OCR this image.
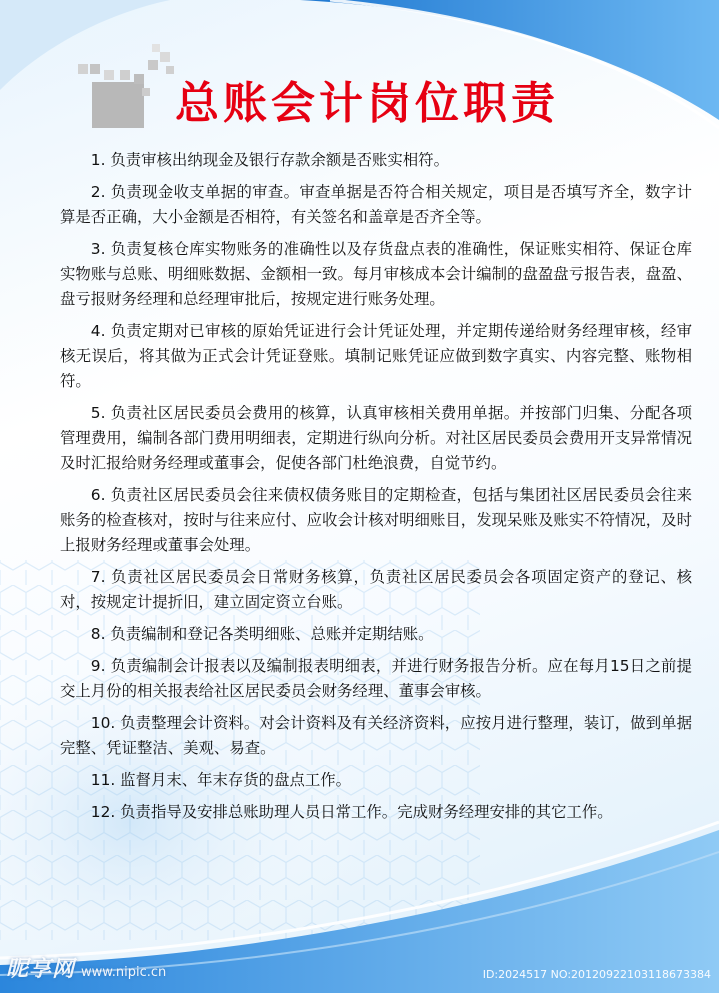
总账会计岗位职责

1. 负责审核出纳现金及银行存款余额是否账实相符。

2. 负责现金收支单据的审查。审查单据是否符合相关规定，项目是否填写齐全，数字计算是否正确，大小金额是否相符，有关签名和盖章是否齐全等。

3. 负责复核仓库实物账务的准确性以及存货盘点表的准确性，保证账实相符、保证仓库实物账与总账、明细账数据、金额相一致。每月审核成本会计编制的盘盈盘亏报告表，盘盈、盘亏报财务经理和总经理审批后，按规定进行账务处理。

4. 负责定期对已审核的原始凭证进行会计凭证处理，并定期传递给财务经理审核，经审核无误后，将其做为正式会计凭证登账。填制记账凭证应做到数字真实、内容完整、账物相符。

5. 负责社区居民委员会费用的核算，认真审核相关费用单据。并按部门归集、分配各项管理费用，编制各部门费用明细表，定期进行纵向分析。对社区居民委员会费用开支异常情况及时汇报给财务经理或董事会，促使各部门杜绝浪费，自觉节约。

6. 负责社区居民委员会往来债权债务账目的定期检查，包括与集团社区居民委员会往来账务的检查核对，按时与往来应付、应收会计核对明细账目，发现呆账及账实不符情况，及时上报财务经理或董事会处理。

7. 负责社区居民委员会日常财务核算，负责社区居民委员会各项固定资产的登记、核对，按规定计提折旧，建立固定资立台账。

8. 负责编制和登记各类明细账、总账并定期结账。

9. 负责编制会计报表以及编制报表明细表，并进行财务报告分析。应在每月15日之前提交上月份的相关报表给社区居民委员会财务经理、董事会审核。

10. 负责整理会计资料。对会计资料及有关经济资料，应按月进行整理，装订，做到单据完整、凭证整洁、美观、易查。

11. 监督月末、年末存货的盘点工作。

12. 负责指导及安排总账助理人员日常工作。完成财务经理安排的其它工作。

昵享网 www.nipic.cn	ID:2024517 NO:20120922103118673384
